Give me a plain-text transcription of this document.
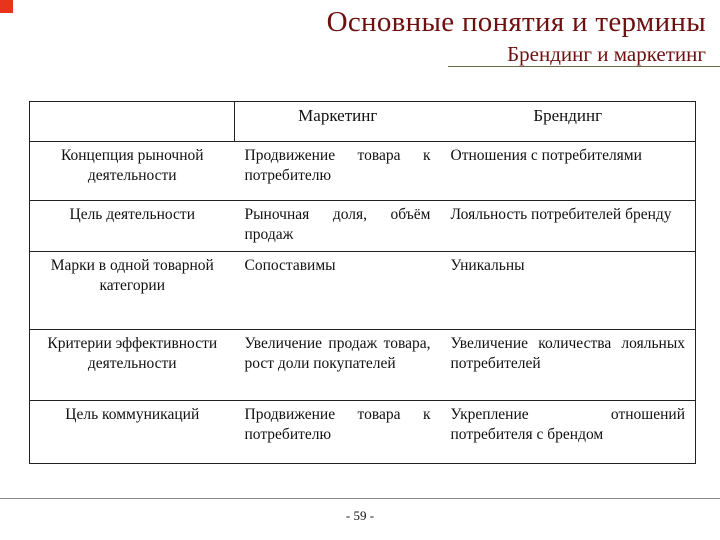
Основные понятия и термины
Брендинг и маркетинг
	Маркетинг	Брендинг
Концепция рыночной деятельности	Продвижение товара к потребителю	Отношения с потребителями
Цель деятельности	Рыночная доля, объём продаж	Лояльность потребителей бренду
Марки в одной товарной категории	Сопоставимы	Уникальны
Критерии эффективности деятельности	Увеличение продаж товара, рост доли покупателей	Увеличение количества лояльных потребителей
Цель коммуникаций	Продвижение товара к потребителю	Укрепление отношений потребителя с брендом
- 59 -
